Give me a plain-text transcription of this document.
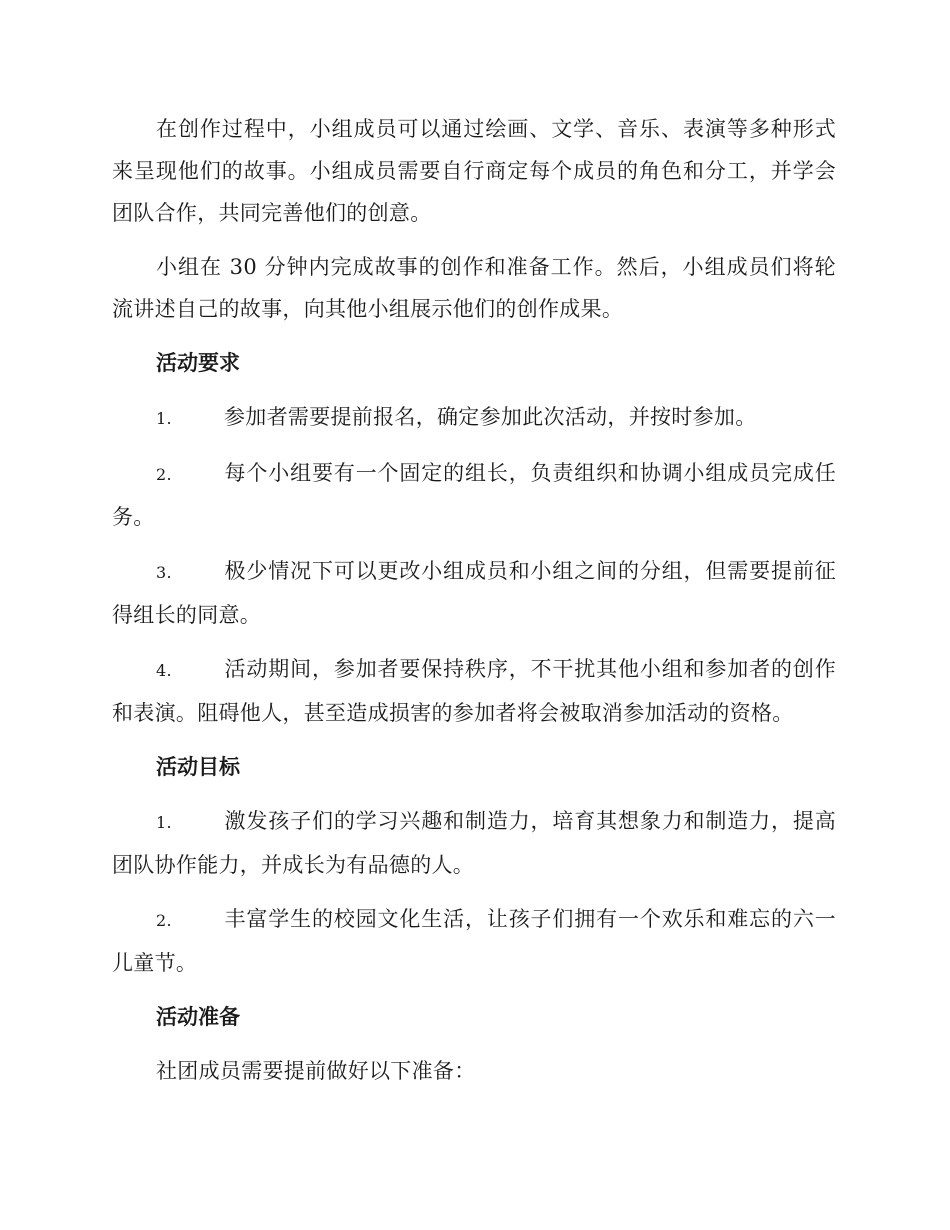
在创作过程中，小组成员可以通过绘画、文学、音乐、表演等多种形式来呈现他们的故事。小组成员需要自行商定每个成员的角色和分工，并学会团队合作，共同完善他们的创意。

小组在 30 分钟内完成故事的创作和准备工作。然后，小组成员们将轮流讲述自己的故事，向其他小组展示他们的创作成果。

活动要求

1. 参加者需要提前报名，确定参加此次活动，并按时参加。

2. 每个小组要有一个固定的组长，负责组织和协调小组成员完成任务。

3. 极少情况下可以更改小组成员和小组之间的分组，但需要提前征得组长的同意。

4. 活动期间，参加者要保持秩序，不干扰其他小组和参加者的创作和表演。阻碍他人，甚至造成损害的参加者将会被取消参加活动的资格。

活动目标

1. 激发孩子们的学习兴趣和制造力，培育其想象力和制造力，提高团队协作能力，并成长为有品德的人。

2. 丰富学生的校园文化生活，让孩子们拥有一个欢乐和难忘的六一儿童节。

活动准备

社团成员需要提前做好以下准备：
